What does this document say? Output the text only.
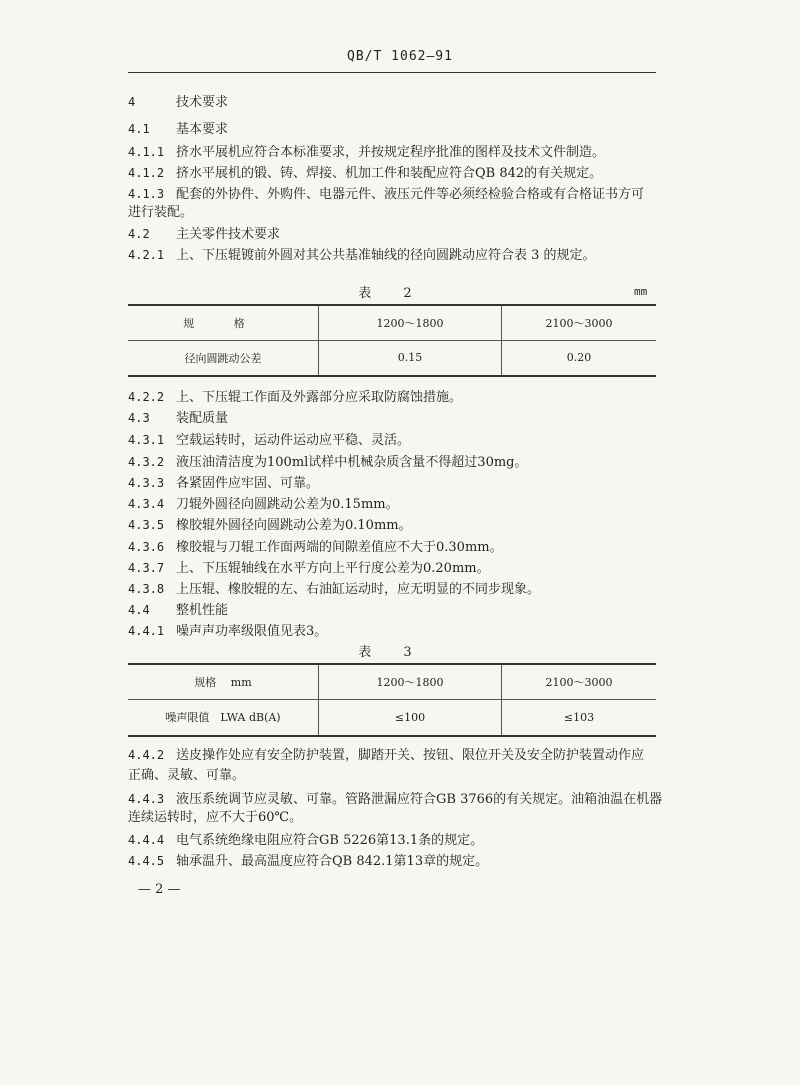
QB/T 1062—91
4	技术要求
4.1 基本要求
4.1.1 挤水平展机应符合本标准要求，并按规定程序批准的图样及技术文件制造。
4.1.2 挤水平展机的锻、铸、焊接、机加工件和装配应符合QB 842的有关规定。
4.1.3 配套的外协件、外购件、电器元件、液压元件等必须经检验合格或有合格证书方可
进行装配。
4.2 主关零件技术要求
4.2.1 上、下压辊镀前外圆对其公共基准轴线的径向圆跳动应符合表 3 的规定。
表 2	mm
规 格	1200～1800	2100～3000
径向圆跳动公差	0.15	0.20
4.2.2 上、下压辊工作面及外露部分应采取防腐蚀措施。
4.3 装配质量
4.3.1 空载运转时，运动件运动应平稳、灵活。
4.3.2 液压油清洁度为100ml试样中机械杂质含量不得超过30mg。
4.3.3 各紧固件应牢固、可靠。
4.3.4 刀辊外圆径向圆跳动公差为0.15mm。
4.3.5 橡胶辊外圆径向圆跳动公差为0.10mm。
4.3.6 橡胶辊与刀辊工作面两端的间隙差值应不大于0.30mm。
4.3.7 上、下压辊轴线在水平方向上平行度公差为0.20mm。
4.3.8 上压辊、橡胶辊的左、右油缸运动时，应无明显的不同步现象。
4.4 整机性能
4.4.1 噪声声功率级限值见表3。
表 3
规格　 mm	1200～1800	2100～3000
噪声限值　LWA dB(A)	≤100	≤103
4.4.2 送皮操作处应有安全防护装置，脚踏开关、按钮、限位开关及安全防护装置动作应
正确、灵敏、可靠。
4.4.3 液压系统调节应灵敏、可靠。管路泄漏应符合GB 3766的有关规定。油箱油温在机器
连续运转时，应不大于60℃。
4.4.4 电气系统绝缘电阻应符合GB 5226第13.1条的规定。
4.4.5 轴承温升、最高温度应符合QB 842.1第13章的规定。
— 2 —
